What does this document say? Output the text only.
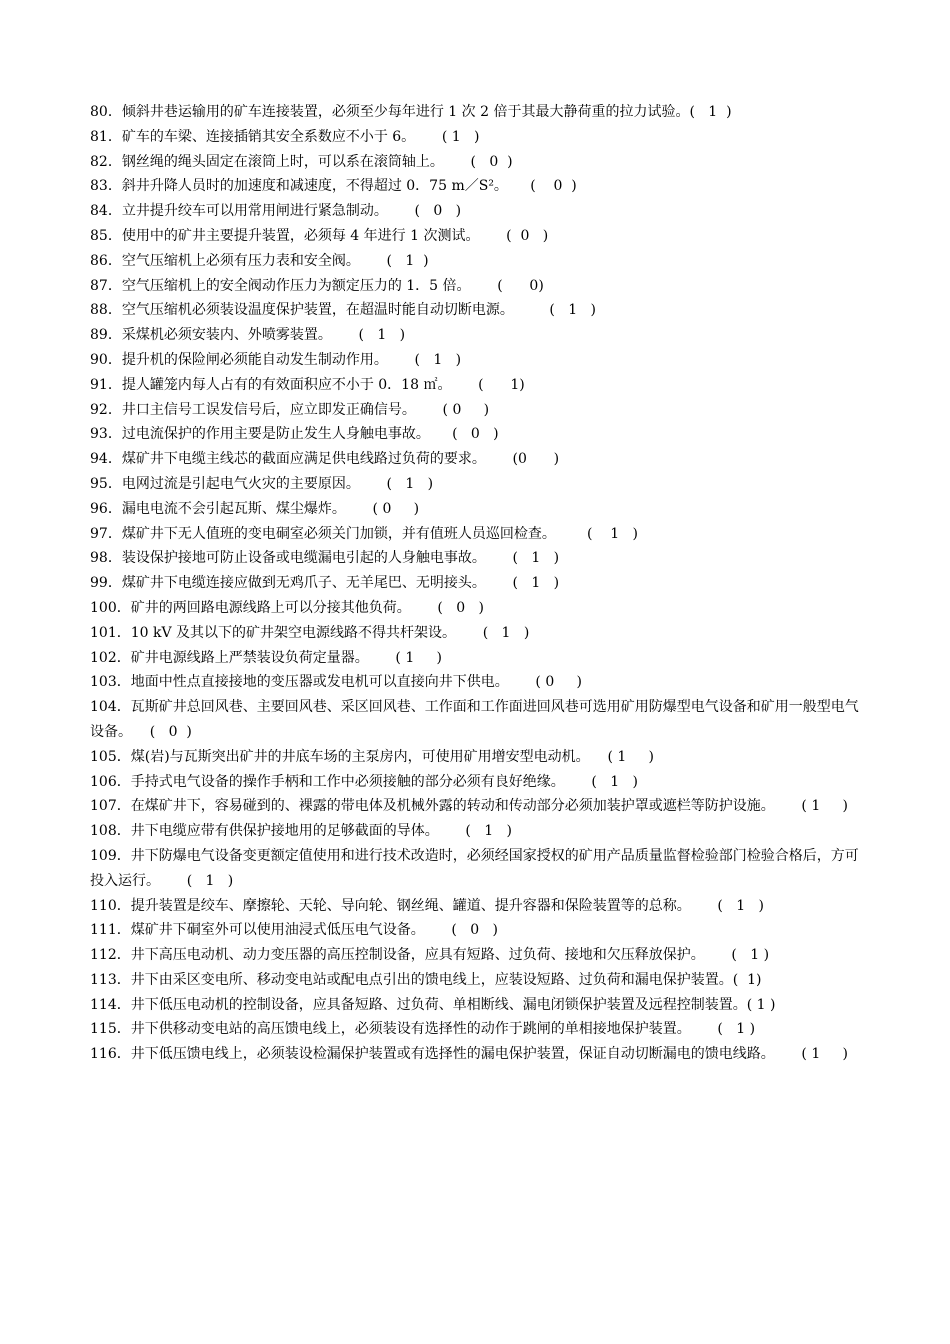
80．倾斜井巷运输用的矿车连接装置，必须至少每年进行 1 次 2 倍于其最大静荷重的拉力试验。(   1  )

81．矿车的车梁、连接插销其安全系数应不小于 6。      ( 1   )

82．钢丝绳的绳头固定在滚筒上时，可以系在滚筒轴上。      (   0  )

83．斜井升降人员时的加速度和减速度，不得超过 0．75 m／S²。     (    0  )

84．立井提升绞车可以用常用闸进行紧急制动。      (   0   )

85．使用中的矿井主要提升装置，必须每 4 年进行 1 次测试。      (  0   )

86．空气压缩机上必须有压力表和安全阀。      (   1  )

87．空气压缩机上的安全阀动作压力为额定压力的 1．5 倍。      (      0)

88．空气压缩机必须装设温度保护装置，在超温时能自动切断电源。        (   1   )

89．采煤机必须安装内、外喷雾装置。      (   1   )

90．提升机的保险闸必须能自动发生制动作用。      (   1   )

91．提人罐笼内每人占有的有效面积应不小于 0．18 ㎡。      (      1)

92．井口主信号工误发信号后，应立即发正确信号。      ( 0     )

93．过电流保护的作用主要是防止发生人身触电事故。     (   0   )

94．煤矿井下电缆主线芯的截面应满足供电线路过负荷的要求。      (0      )

95．电网过流是引起电气火灾的主要原因。      (   1   )

96．漏电电流不会引起瓦斯、煤尘爆炸。      ( 0     )

97．煤矿井下无人值班的变电硐室必须关门加锁，并有值班人员巡回检查。       (    1   )

98．装设保护接地可防止设备或电缆漏电引起的人身触电事故。      (   1   )

99．煤矿井下电缆连接应做到无鸡爪子、无羊尾巴、无明接头。      (   1   )

100．矿井的两回路电源线路上可以分接其他负荷。      (   0   )

101．10 kV 及其以下的矿井架空电源线路不得共杆架设。      (   1   )

102．矿井电源线路上严禁装设负荷定量器。      ( 1     )

103．地面中性点直接接地的变压器或发电机可以直接向井下供电。      ( 0     )

104．瓦斯矿井总回风巷、主要回风巷、采区回风巷、工作面和工作面进回风巷可选用矿用防爆型电气设备和矿用一般型电气设备。    (   0  )

105．煤(岩)与瓦斯突出矿井的井底车场的主泵房内，可使用矿用增安型电动机。    ( 1     )

106．手持式电气设备的操作手柄和工作中必须接触的部分必须有良好绝缘。      (   1   )

107．在煤矿井下，容易碰到的、裸露的带电体及机械外露的转动和传动部分必须加装护罩或遮栏等防护设施。      ( 1     )

108．井下电缆应带有供保护接地用的足够截面的导体。      (   1   )

109．井下防爆电气设备变更额定值使用和进行技术改造时，必须经国家授权的矿用产品质量监督检验部门检验合格后，方可投入运行。      (   1   )

110．提升装置是绞车、摩擦轮、天轮、导向轮、钢丝绳、罐道、提升容器和保险装置等的总称。      (   1   )

111．煤矿井下硐室外可以使用油浸式低压电气设备。      (   0   )

112．井下高压电动机、动力变压器的高压控制设备，应具有短路、过负荷、接地和欠压释放保护。      (   1 )

113．井下由采区变电所、移动变电站或配电点引出的馈电线上，应装设短路、过负荷和漏电保护装置。(  1)

114．井下低压电动机的控制设备，应具备短路、过负荷、单相断线、漏电闭锁保护装置及远程控制装置。( 1 )

115．井下供移动变电站的高压馈电线上，必须装设有选择性的动作于跳闸的单相接地保护装置。      (   1 )

116．井下低压馈电线上，必须装设检漏保护装置或有选择性的漏电保护装置，保证自动切断漏电的馈电线路。      ( 1     )
